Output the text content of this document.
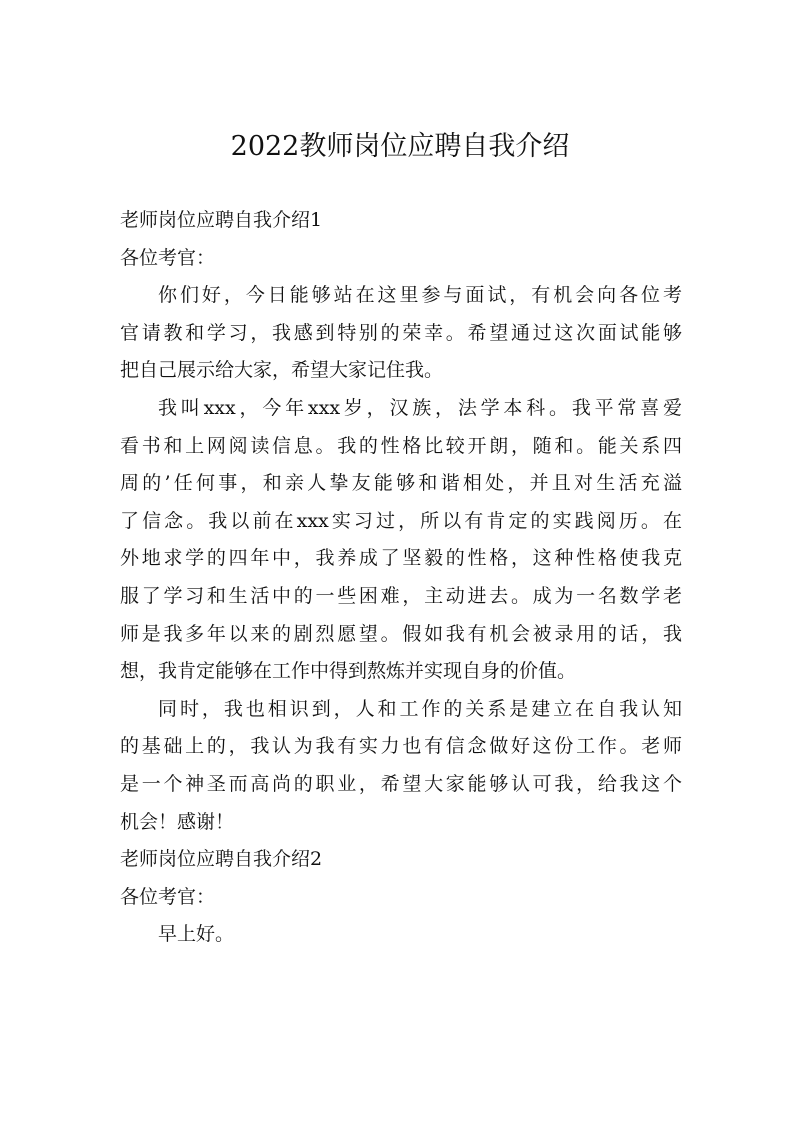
2022教师岗位应聘自我介绍
老师岗位应聘自我介绍1
各位考官：
你们好，今日能够站在这里参与面试，有机会向各位考
官请教和学习，我感到特别的荣幸。希望通过这次面试能够
把自己展示给大家，希望大家记住我。
我叫xxx，今年xxx岁，汉族，法学本科。我平常喜爱
看书和上网阅读信息。我的性格比较开朗，随和。能关系四
周的’任何事，和亲人挚友能够和谐相处，并且对生活充溢
了信念。我以前在xxx实习过，所以有肯定的实践阅历。在
外地求学的四年中，我养成了坚毅的性格，这种性格使我克
服了学习和生活中的一些困难，主动进去。成为一名数学老
师是我多年以来的剧烈愿望。假如我有机会被录用的话，我
想，我肯定能够在工作中得到熬炼并实现自身的价值。
同时，我也相识到，人和工作的关系是建立在自我认知
的基础上的，我认为我有实力也有信念做好这份工作。老师
是一个神圣而高尚的职业，希望大家能够认可我，给我这个
机会！感谢！
老师岗位应聘自我介绍2
各位考官：
早上好。
